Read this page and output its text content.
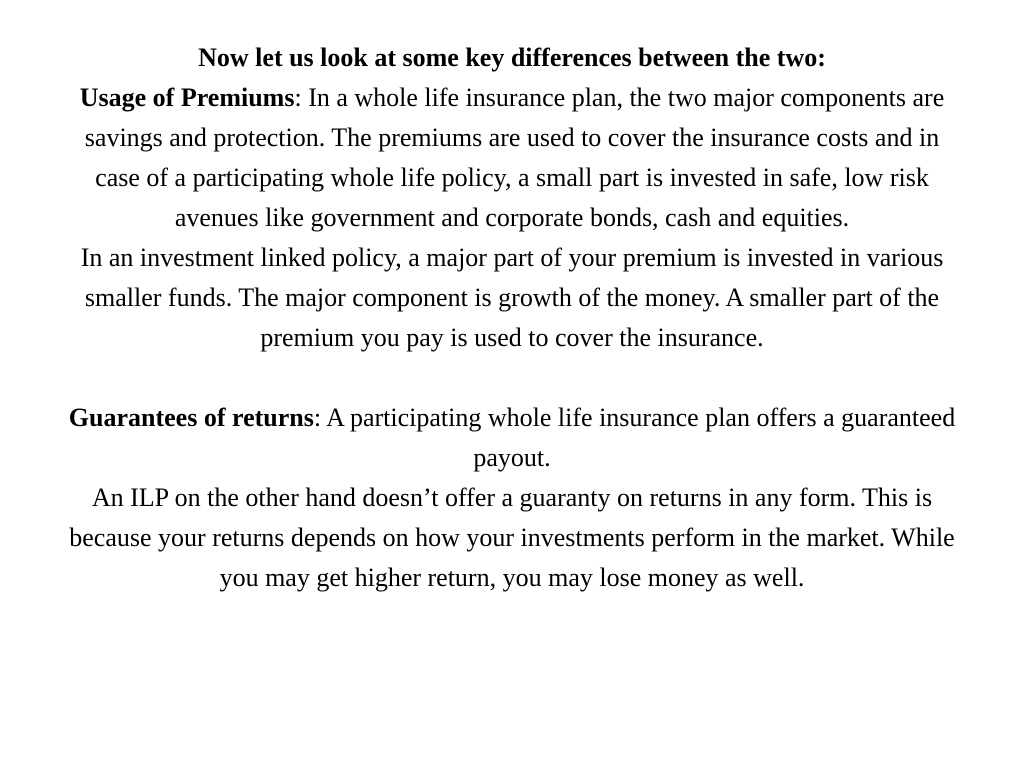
Now let us look at some key differences between the two:

Usage of Premiums: In a whole life insurance plan, the two major components are savings and protection. The premiums are used to cover the insurance costs and in case of a participating whole life policy, a small part is invested in safe, low risk avenues like government and corporate bonds, cash and equities.

In an investment linked policy, a major part of your premium is invested in various smaller funds. The major component is growth of the money. A smaller part of the premium you pay is used to cover the insurance.

Guarantees of returns: A participating whole life insurance plan offers a guaranteed payout.

An ILP on the other hand doesn’t offer a guaranty on returns in any form. This is because your returns depends on how your investments perform in the market. While you may get higher return, you may lose money as well.
